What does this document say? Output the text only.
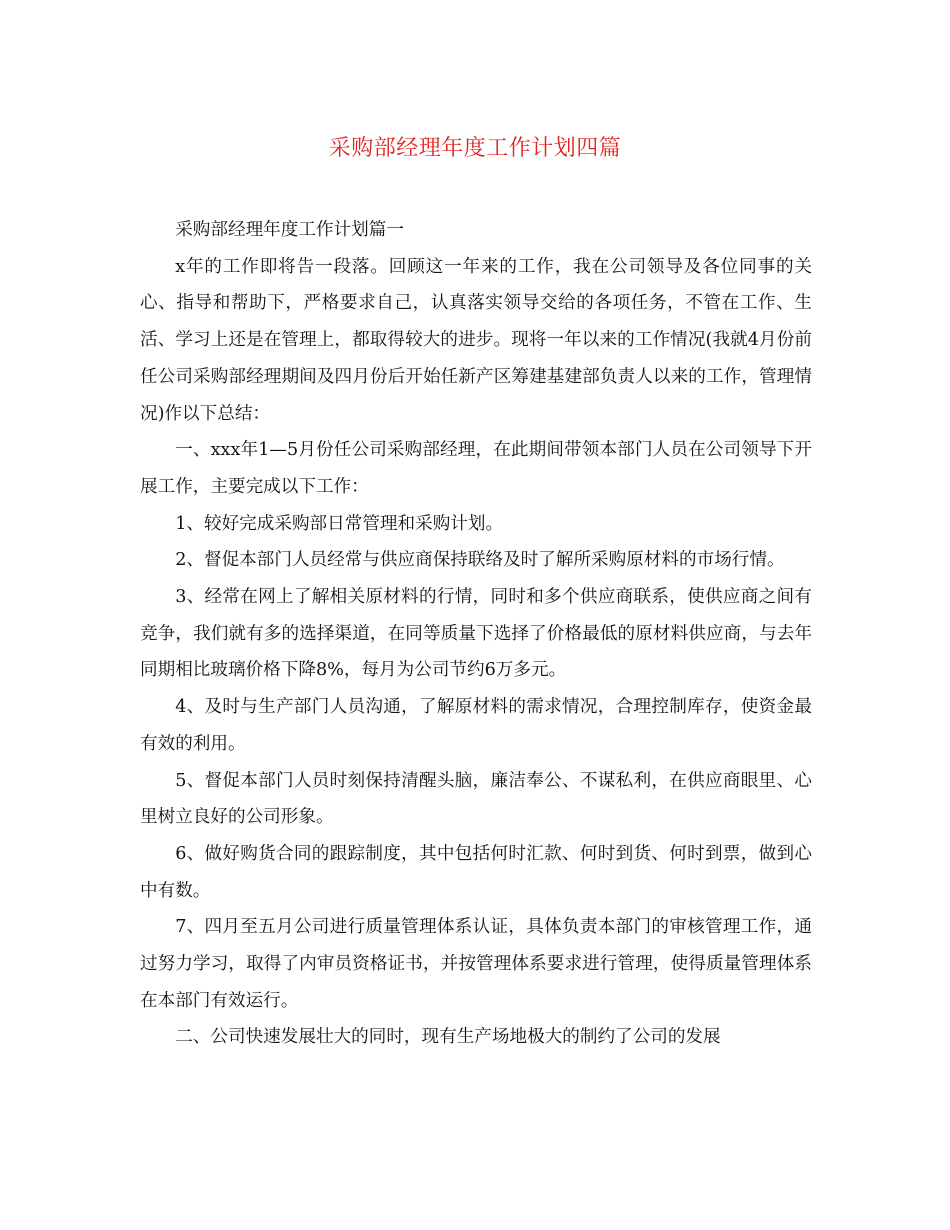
采购部经理年度工作计划四篇

采购部经理年度工作计划篇一

x年的工作即将告一段落。回顾这一年来的工作，我在公司领导及各位同事的关心、指导和帮助下，严格要求自己，认真落实领导交给的各项任务，不管在工作、生活、学习上还是在管理上，都取得较大的进步。现将一年以来的工作情况(我就4月份前任公司采购部经理期间及四月份后开始任新产区筹建基建部负责人以来的工作，管理情况)作以下总结：

一、xxx年1—5月份任公司采购部经理，在此期间带领本部门人员在公司领导下开展工作，主要完成以下工作：

1、较好完成采购部日常管理和采购计划。

2、督促本部门人员经常与供应商保持联络及时了解所采购原材料的市场行情。

3、经常在网上了解相关原材料的行情，同时和多个供应商联系，使供应商之间有竞争，我们就有多的选择渠道，在同等质量下选择了价格最低的原材料供应商，与去年同期相比玻璃价格下降8%，每月为公司节约6万多元。

4、及时与生产部门人员沟通，了解原材料的需求情况，合理控制库存，使资金最有效的利用。

5、督促本部门人员时刻保持清醒头脑，廉洁奉公、不谋私利，在供应商眼里、心里树立良好的公司形象。

6、做好购货合同的跟踪制度，其中包括何时汇款、何时到货、何时到票，做到心中有数。

7、四月至五月公司进行质量管理体系认证，具体负责本部门的审核管理工作，通过努力学习，取得了内审员资格证书，并按管理体系要求进行管理，使得质量管理体系在本部门有效运行。

二、公司快速发展壮大的同时，现有生产场地极大的制约了公司的发展
